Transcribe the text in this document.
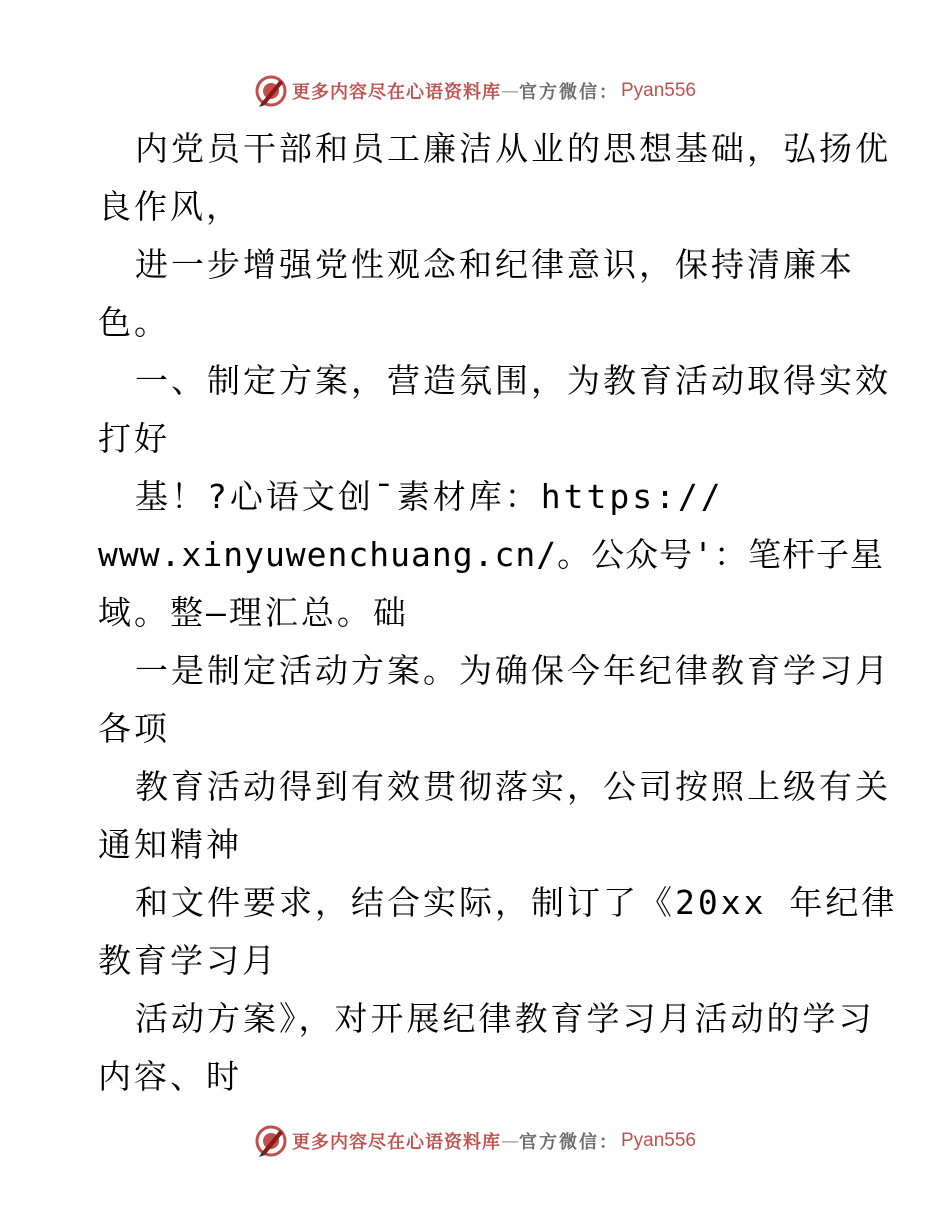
更多内容尽在心语资料库 — 官方微信： Pyan556
内党员干部和员工廉洁从业的思想基础，弘扬优
良作风，
进一步增强党性观念和纪律意识，保持清廉本
色。
一、制定方案，营造氛围，为教育活动取得实效
打好
基！?心语文创¯素材库：https://
www.xinyuwenchuang.cn/。公众号'：笔杆子星
域。整—理汇总。础
一是制定活动方案。为确保今年纪律教育学习月
各项
教育活动得到有效贯彻落实，公司按照上级有关
通知精神
和文件要求，结合实际，制订了《20xx 年纪律
教育学习月
活动方案》，对开展纪律教育学习月活动的学习
内容、时
更多内容尽在心语资料库 — 官方微信： Pyan556
